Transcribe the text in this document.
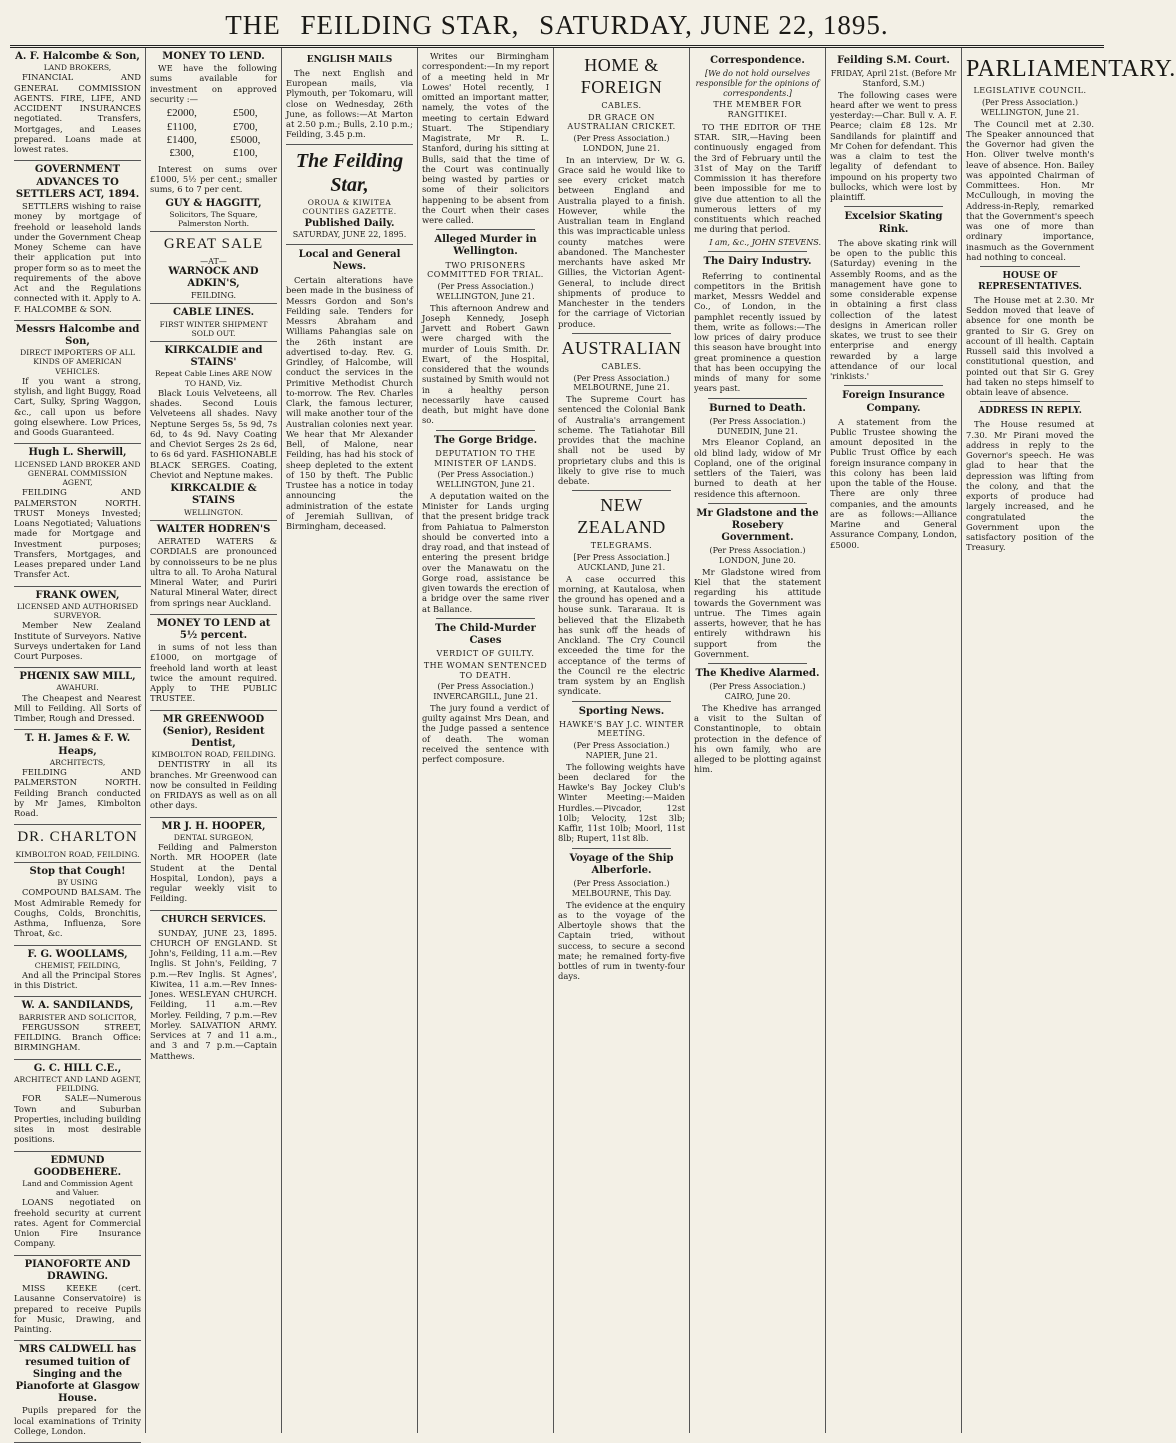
THE FEILDING STAR, SATURDAY, JUNE 22, 1895.
A. F. Halcombe & Son,
LAND BROKERS,

FINANCIAL AND GENERAL COMMISSION AGENTS. FIRE, LIFE, AND ACCIDENT INSURANCES negotiated. Transfers, Mortgages, and Leases prepared. Loans made at lowest rates.

GOVERNMENT ADVANCES TO SETTLERS ACT, 1894.

SETTLERS wishing to raise money by mortgage of freehold or leasehold lands under the Government Cheap Money Scheme can have their application put into proper form so as to meet the requirements of the above Act and the Regulations connected with it. Apply to A. F. HALCOMBE & SON.

Messrs Halcombe and Son,
DIRECT IMPORTERS OF ALL KINDS OF AMERICAN VEHICLES.

If you want a strong, stylish, and light Buggy, Road Cart, Sulky, Spring Waggon, &c., call upon us before going elsewhere. Low Prices, and Goods Guaranteed.

Hugh L. Sherwill,
LICENSED LAND BROKER AND GENERAL COMMISSION AGENT,

FEILDING AND PALMERSTON NORTH. TRUST Moneys Invested; Loans Negotiated; Valuations made for Mortgage and Investment purposes; Transfers, Mortgages, and Leases prepared under Land Transfer Act.

FRANK OWEN,
LICENSED AND AUTHORISED SURVEYOR.

Member New Zealand Institute of Surveyors. Native Surveys undertaken for Land Court Purposes.

PHŒNIX SAW MILL,
AWAHURI.

The Cheapest and Nearest Mill to Feilding. All Sorts of Timber, Rough and Dressed.

T. H. James & F. W. Heaps,
ARCHITECTS,

FEILDING AND PALMERSTON NORTH. Feilding Branch conducted by Mr James, Kimbolton Road.

DR. CHARLTON
KIMBOLTON ROAD, FEILDING.
Stop that Cough!
BY USING

COMPOUND BALSAM. The Most Admirable Remedy for Coughs, Colds, Bronchitis, Asthma, Influenza, Sore Throat, &c.

F. G. WOOLLAMS,
CHEMIST, FEILDING,

And all the Principal Stores in this District.

W. A. SANDILANDS,
BARRISTER AND SOLICITOR,

FERGUSSON STREET, FEILDING. Branch Office: BIRMINGHAM.

G. C. HILL C.E.,
ARCHITECT AND LAND AGENT, FEILDING.

FOR SALE—Numerous Town and Suburban Properties, including building sites in most desirable positions.

EDMUND GOODBEHERE.
Land and Commission Agent and Valuer.

LOANS negotiated on freehold security at current rates. Agent for Commercial Union Fire Insurance Company.

PIANOFORTE AND DRAWING.

MISS KEEKE (cert. Lausanne Conservatoire) is prepared to receive Pupils for Music, Drawing, and Painting.

MRS CALDWELL has resumed tuition of Singing and the Pianoforte at Glasgow House.

Pupils prepared for the local examinations of Trinity College, London.

MONEY TO LEND.

WE have the following sums available for investment on approved security :—

£2000,	£500,
£1100,	£700,
£1400,	£5000,
£300,	£100,

Interest on sums over £1000, 5½ per cent.; smaller sums, 6 to 7 per cent.

GUY & HAGGITT,
Solicitors, The Square, Palmerston North.
GREAT SALE
—AT—
WARNOCK AND ADKIN'S,
FEILDING.
CABLE LINES.
FIRST WINTER SHIPMENT SOLD OUT.
KIRKCALDIE and STAINS'
Repeat Cable Lines ARE NOW TO HAND, Viz.

Black Louis Velveteens, all shades. Second Louis Velveteens all shades. Navy Neptune Serges 5s, 5s 9d, 7s 6d, to 4s 9d. Navy Coating and Cheviot Serges 2s 2s 6d, to 6s 6d yard. FASHIONABLE BLACK SERGES. Coating, Cheviot and Neptune makes.

KIRKCALDIE & STAINS
WELLINGTON.
WALTER HODREN'S

AERATED WATERS & CORDIALS are pronounced by connoisseurs to be ne plus ultra to all. To Aroha Natural Mineral Water, and Puriri Natural Mineral Water, direct from springs near Auckland.

MONEY TO LEND at 5½ percent.

in sums of not less than £1000, on mortgage of freehold land worth at least twice the amount required. Apply to THE PUBLIC TRUSTEE.

MR GREENWOOD (Senior), Resident Dentist,
KIMBOLTON ROAD, FEILDING.

DENTISTRY in all its branches. Mr Greenwood can now be consulted in Feilding on FRIDAYS as well as on all other days.

MR J. H. HOOPER,
DENTAL SURGEON,

Feilding and Palmerston North. MR HOOPER (late Student at the Dental Hospital, London), pays a regular weekly visit to Feilding.

CHURCH SERVICES.

SUNDAY, JUNE 23, 1895. CHURCH OF ENGLAND. St John's, Feilding, 11 a.m.—Rev Inglis. St John's, Feilding, 7 p.m.—Rev Inglis. St Agnes', Kiwitea, 11 a.m.—Rev Innes-Jones. WESLEYAN CHURCH. Feilding, 11 a.m.—Rev Morley. Feilding, 7 p.m.—Rev Morley. SALVATION ARMY. Services at 7 and 11 a.m., and 3 and 7 p.m.—Captain Matthews.

ENGLISH MAILS

The next English and European mails, via Plymouth, per Tokomaru, will close on Wednesday, 26th June, as follows:—At Marton at 2.50 p.m.; Bulls, 2.10 p.m.; Feilding, 3.45 p.m.

The Feilding Star,
OROUA & KIWITEA COUNTIES GAZETTE.
Published Daily.
SATURDAY, JUNE 22, 1895.
Local and General News.

Certain alterations have been made in the business of Messrs Gordon and Son's Feilding sale. Tenders for Messrs Abraham and Williams Pahangias sale on the 26th instant are advertised to-day. Rev. G. Grindley, of Halcombe, will conduct the services in the Primitive Methodist Church to-morrow. The Rev. Charles Clark, the famous lecturer, will make another tour of the Australian colonies next year. We hear that Mr Alexander Bell, of Malone, near Feilding, has had his stock of sheep depleted to the extent of 150 by theft. The Public Trustee has a notice in today announcing the administration of the estate of Jeremiah Sullivan, of Birmingham, deceased.

Writes our Birmingham correspondent:—In my report of a meeting held in Mr Lowes' Hotel recently, I omitted an important matter, namely, the votes of the meeting to certain Edward Stuart. The Stipendiary Magistrate, Mr R. L. Stanford, during his sitting at Bulls, said that the time of the Court was continually being wasted by parties or some of their solicitors happening to be absent from the Court when their cases were called.

Alleged Murder in Wellington.
TWO PRISONERS COMMITTED FOR TRIAL.
(Per Press Association.) WELLINGTON, June 21.

This afternoon Andrew and Joseph Kennedy, Joseph Jarvett and Robert Gawn were charged with the murder of Louis Smith. Dr. Ewart, of the Hospital, considered that the wounds sustained by Smith would not in a healthy person necessarily have caused death, but might have done so.

The Gorge Bridge.
DEPUTATION TO THE MINISTER OF LANDS.
(Per Press Association.) WELLINGTON, June 21.

A deputation waited on the Minister for Lands urging that the present bridge track from Pahiatua to Palmerston should be converted into a dray road, and that instead of entering the present bridge over the Manawatu on the Gorge road, assistance be given towards the erection of a bridge over the same river at Ballance.

The Child-Murder Cases
VERDICT OF GUILTY.
THE WOMAN SENTENCED TO DEATH.
(Per Press Association.) INVERCARGILL, June 21.

The jury found a verdict of guilty against Mrs Dean, and the Judge passed a sentence of death. The woman received the sentence with perfect composure.

HOME & FOREIGN
CABLES.
DR GRACE ON AUSTRALIAN CRICKET.
(Per Press Association.) LONDON, June 21.

In an interview, Dr W. G. Grace said he would like to see every cricket match between England and Australia played to a finish. However, while the Australian team in England this was impracticable unless county matches were abandoned. The Manchester merchants have asked Mr Gillies, the Victorian Agent-General, to include direct shipments of produce to Manchester in the tenders for the carriage of Victorian produce.

AUSTRALIAN
CABLES.
(Per Press Association.) MELBOURNE, June 21.

The Supreme Court has sentenced the Colonial Bank of Australia's arrangement scheme. The Tatiahotar Bill provides that the machine shall not be used by proprietary clubs and this is likely to give rise to much debate.

NEW ZEALAND
TELEGRAMS.
[Per Press Association.] AUCKLAND, June 21.

A case occurred this morning, at Kautalosa, when the ground has opened and a house sunk. Tararaua. It is believed that the Elizabeth has sunk off the heads of Anckland. The Cry Council exceeded the time for the acceptance of the terms of the Council re the electric tram system by an English syndicate.

Sporting News.
HAWKE'S BAY J.C. WINTER MEETING.
(Per Press Association.) NAPIER, June 21.

The following weights have been declared for the Hawke's Bay Jockey Club's Winter Meeting:—Maiden Hurdles.—Pivcador, 12st 10lb; Velocity, 12st 3lb; Kaffir, 11st 10lb; Moorl, 11st 8lb; Rupert, 11st 8lb.

Voyage of the Ship Alberforle.
(Per Press Association.) MELBOURNE, This Day.

The evidence at the enquiry as to the voyage of the Albertoyle shows that the Captain tried, without success, to secure a second mate; he remained forty-five bottles of rum in twenty-four days.

Correspondence.
[We do not hold ourselves responsible for the opinions of correspondents.]
THE MEMBER FOR RANGITIKEI.

TO THE EDITOR OF THE STAR. SIR,—Having been continuously engaged from the 3rd of February until the 31st of May on the Tariff Commission it has therefore been impossible for me to give due attention to all the numerous letters of my constituents which reached me during that period.

I am, &c., JOHN STEVENS.
The Dairy Industry.

Referring to continental competitors in the British market, Messrs Weddel and Co., of London, in the pamphlet recently issued by them, write as follows:—The low prices of dairy produce this season have brought into great prominence a question that has been occupying the minds of many for some years past.

Burned to Death.
(Per Press Association.) DUNEDIN, June 21.

Mrs Eleanor Copland, an old blind lady, widow of Mr Copland, one of the original settlers of the Taieri, was burned to death at her residence this afternoon.

Mr Gladstone and the Rosebery Government.
(Per Press Association.) LONDON, June 20.

Mr Gladstone wired from Kiel that the statement regarding his attitude towards the Government was untrue. The Times again asserts, however, that he has entirely withdrawn his support from the Government.

The Khedive Alarmed.
(Per Press Association.) CAIRO, June 20.

The Khedive has arranged a visit to the Sultan of Constantinople, to obtain protection in the defence of his own family, who are alleged to be plotting against him.

Feilding S.M. Court.
FRIDAY, April 21st. (Before Mr Stanford, S.M.)

The following cases were heard after we went to press yesterday:—Char. Bull v. A. F. Pearce; claim £8 12s. Mr Sandilands for plaintiff and Mr Cohen for defendant. This was a claim to test the legality of defendant to impound on his property two bullocks, which were lost by plaintiff.

Excelsior Skating Rink.

The above skating rink will be open to the public this (Saturday) evening in the Assembly Rooms, and as the management have gone to some considerable expense in obtaining a first class collection of the latest designs in American roller skates, we trust to see their enterprise and energy rewarded by a large attendance of our local 'rinkists.'

Foreign Insurance Company.

A statement from the Public Trustee showing the amount deposited in the Public Trust Office by each foreign insurance company in this colony has been laid upon the table of the House. There are only three companies, and the amounts are as follows:—Alliance Marine and General Assurance Company, London, £5000.

PARLIAMENTARY.
LEGISLATIVE COUNCIL.
(Per Press Association.) WELLINGTON, June 21.

The Council met at 2.30. The Speaker announced that the Governor had given the Hon. Oliver twelve month's leave of absence. Hon. Bailey was appointed Chairman of Committees. Hon. Mr McCullough, in moving the Address-in-Reply, remarked that the Government's speech was one of more than ordinary importance, inasmuch as the Government had nothing to conceal.

HOUSE OF REPRESENTATIVES.

The House met at 2.30. Mr Seddon moved that leave of absence for one month be granted to Sir G. Grey on account of ill health. Captain Russell said this involved a constitutional question, and pointed out that Sir G. Grey had taken no steps himself to obtain leave of absence.

ADDRESS IN REPLY.

The House resumed at 7.30. Mr Pirani moved the address in reply to the Governor's speech. He was glad to hear that the depression was lifting from the colony, and that the exports of produce had largely increased, and he congratulated the Government upon the satisfactory position of the Treasury.
